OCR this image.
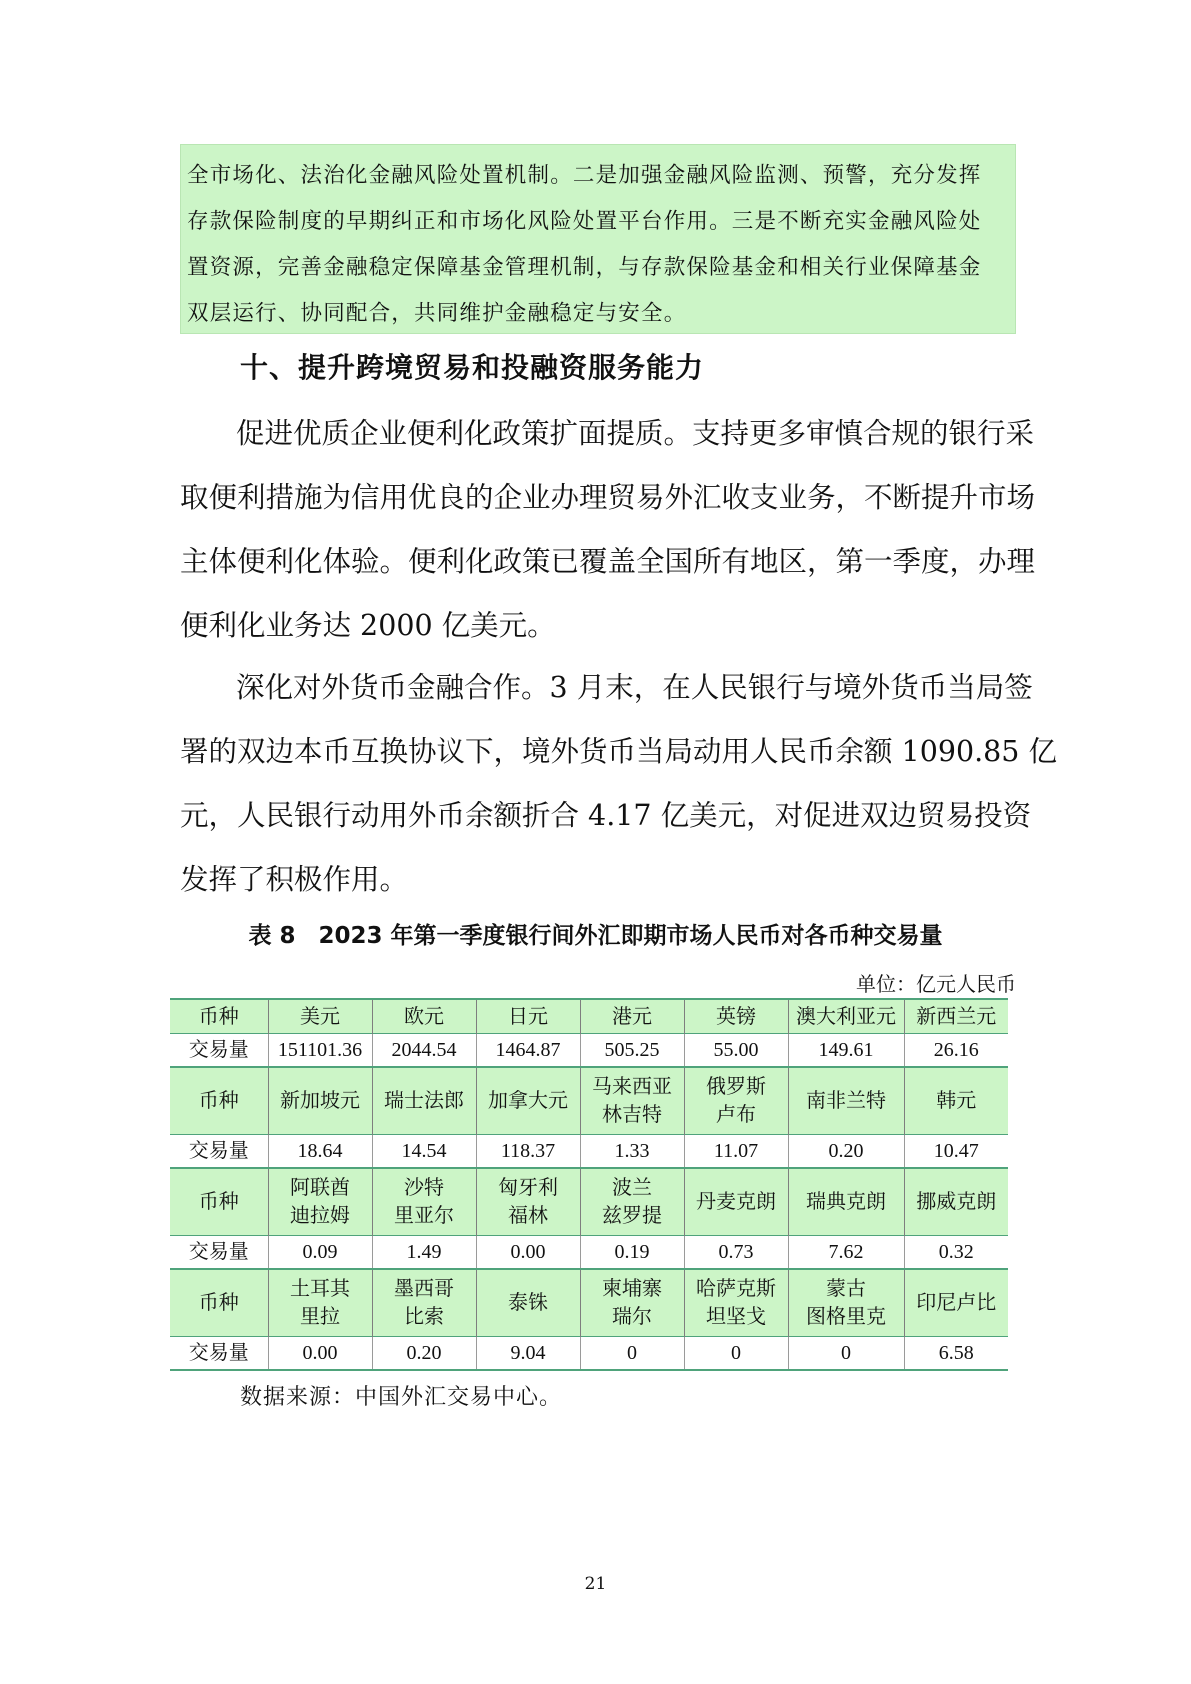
全市场化、法治化金融风险处置机制。二是加强金融风险监测、预警，充分发挥
存款保险制度的早期纠正和市场化风险处置平台作用。三是不断充实金融风险处
置资源，完善金融稳定保障基金管理机制，与存款保险基金和相关行业保障基金
双层运行、协同配合，共同维护金融稳定与安全。
十、提升跨境贸易和投融资服务能力
促进优质企业便利化政策扩面提质。支持更多审慎合规的银行采
取便利措施为信用优良的企业办理贸易外汇收支业务，不断提升市场
主体便利化体验。便利化政策已覆盖全国所有地区，第一季度，办理
便利化业务达 2000 亿美元。
深化对外货币金融合作。3 月末，在人民银行与境外货币当局签
署的双边本币互换协议下，境外货币当局动用人民币余额 1090.85 亿
元，人民银行动用外币余额折合 4.17 亿美元，对促进双边贸易投资
发挥了积极作用。
表 8　2023 年第一季度银行间外汇即期市场人民币对各币种交易量
单位：亿元人民币
币种	美元	欧元	日元	港元	英镑	澳大利亚元	新西兰元

交易量	151101.36	2044.54	1464.87	505.25	55.00	149.61	26.16
币种	新加坡元	瑞士法郎	加拿大元	马来西亚
林吉特	俄罗斯
卢布	南非兰特	韩元

交易量	18.64	14.54	118.37	1.33	11.07	0.20	10.47
币种	阿联酋
迪拉姆	沙特
里亚尔	匈牙利
福林	波兰
兹罗提	丹麦克朗	瑞典克朗	挪威克朗

交易量	0.09	1.49	0.00	0.19	0.73	7.62	0.32
币种	土耳其
里拉	墨西哥
比索	泰铢	柬埔寨
瑞尔	哈萨克斯
坦坚戈	蒙古
图格里克	印尼卢比

交易量	0.00	0.20	9.04	0	0	0	6.58
数据来源：中国外汇交易中心。
21
